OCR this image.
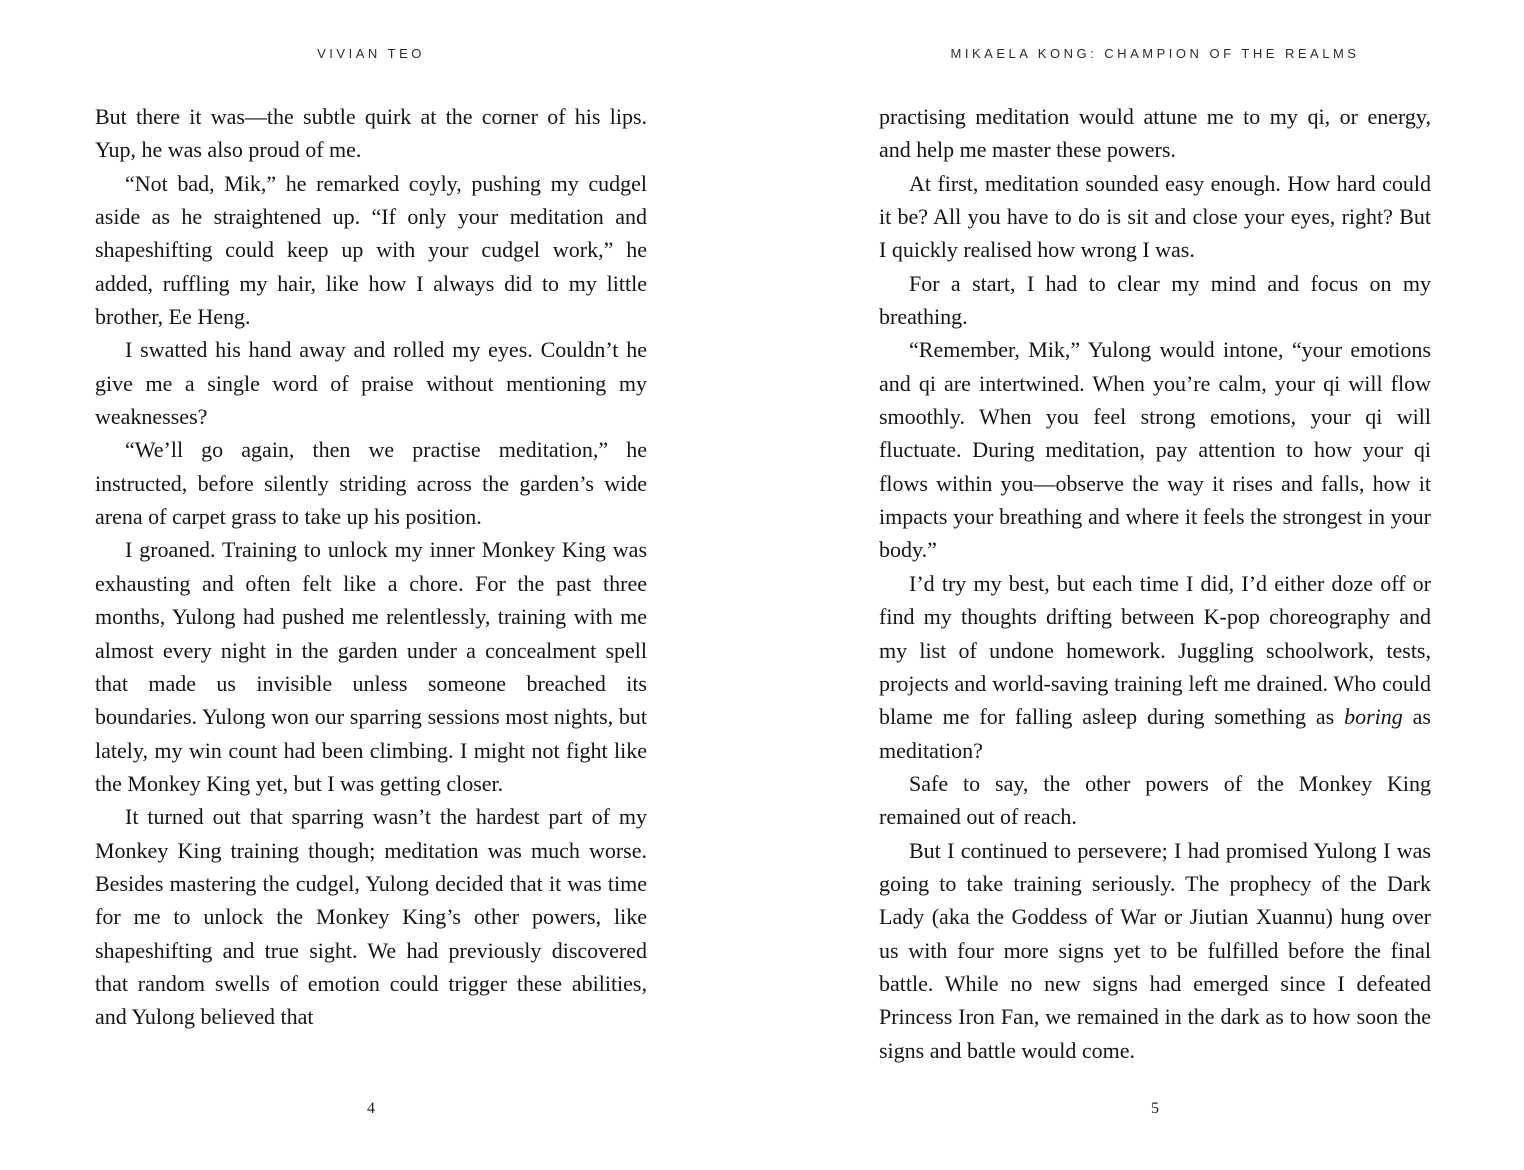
VIVIAN TEO

But there it was—the subtle quirk at the corner of his lips. Yup, he was also proud of me.

“Not bad, Mik,” he remarked coyly, pushing my cudgel aside as he straightened up. “If only your meditation and shapeshifting could keep up with your cudgel work,” he added, ruffling my hair, like how I always did to my little brother, Ee Heng.

I swatted his hand away and rolled my eyes. Couldn’t he give me a single word of praise without mentioning my weaknesses?

“We’ll go again, then we practise meditation,” he instructed, before silently striding across the garden’s wide arena of carpet grass to take up his position.

I groaned. Training to unlock my inner Monkey King was exhausting and often felt like a chore. For the past three months, Yulong had pushed me relentlessly, training with me almost every night in the garden under a concealment spell that made us invisible unless someone breached its boundaries. Yulong won our sparring sessions most nights, but lately, my win count had been climbing. I might not fight like the Monkey King yet, but I was getting closer.

It turned out that sparring wasn’t the hardest part of my Monkey King training though; meditation was much worse. Besides mastering the cudgel, Yulong decided that it was time for me to unlock the Monkey King’s other powers, like shapeshifting and true sight. We had previously discovered that random swells of emotion could trigger these abilities, and Yulong believed that

4
MIKAELA KONG: CHAMPION OF THE REALMS

practising meditation would attune me to my qi, or energy, and help me master these powers.

At first, meditation sounded easy enough. How hard could it be? All you have to do is sit and close your eyes, right? But I quickly realised how wrong I was.

For a start, I had to clear my mind and focus on my breathing.

“Remember, Mik,” Yulong would intone, “your emotions and qi are intertwined. When you’re calm, your qi will flow smoothly. When you feel strong emotions, your qi will fluctuate. During meditation, pay attention to how your qi flows within you—observe the way it rises and falls, how it impacts your breathing and where it feels the strongest in your body.”

I’d try my best, but each time I did, I’d either doze off or find my thoughts drifting between K-pop choreography and my list of undone homework. Juggling schoolwork, tests, projects and world-saving training left me drained. Who could blame me for falling asleep during something as boring as meditation?

Safe to say, the other powers of the Monkey King remained out of reach.

But I continued to persevere; I had promised Yulong I was going to take training seriously. The prophecy of the Dark Lady (aka the Goddess of War or Jiutian Xuannu) hung over us with four more signs yet to be fulfilled before the final battle. While no new signs had emerged since I defeated Princess Iron Fan, we remained in the dark as to how soon the signs and battle would come.

5
